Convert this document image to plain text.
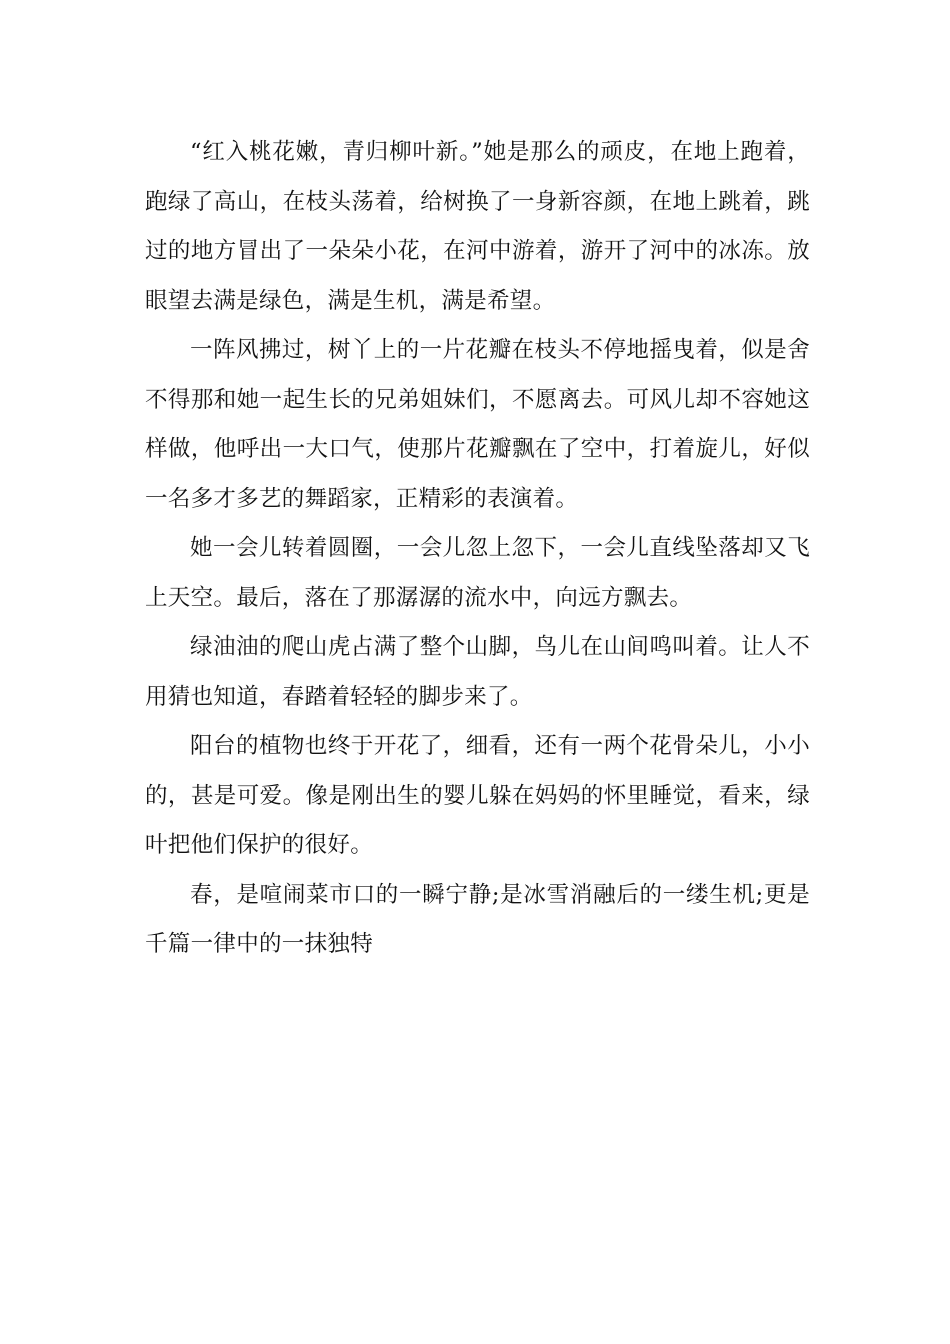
“红入桃花嫩，青归柳叶新。”她是那么的顽皮，在地上跑着，跑绿了高山，在枝头荡着，给树换了一身新容颜，在地上跳着，跳过的地方冒出了一朵朵小花，在河中游着，游开了河中的冰冻。放眼望去满是绿色，满是生机，满是希望。

一阵风拂过，树丫上的一片花瓣在枝头不停地摇曳着，似是舍不得那和她一起生长的兄弟姐妹们，不愿离去。可风儿却不容她这样做，他呼出一大口气，使那片花瓣飘在了空中，打着旋儿，好似一名多才多艺的舞蹈家，正精彩的表演着。

她一会儿转着圆圈，一会儿忽上忽下，一会儿直线坠落却又飞上天空。最后，落在了那潺潺的流水中，向远方飘去。

绿油油的爬山虎占满了整个山脚，鸟儿在山间鸣叫着。让人不用猜也知道，春踏着轻轻的脚步来了。

阳台的植物也终于开花了，细看，还有一两个花骨朵儿，小小的，甚是可爱。像是刚出生的婴儿躲在妈妈的怀里睡觉，看来，绿叶把他们保护的很好。

春，是喧闹菜市口的一瞬宁静;是冰雪消融后的一缕生机;更是千篇一律中的一抹独特
